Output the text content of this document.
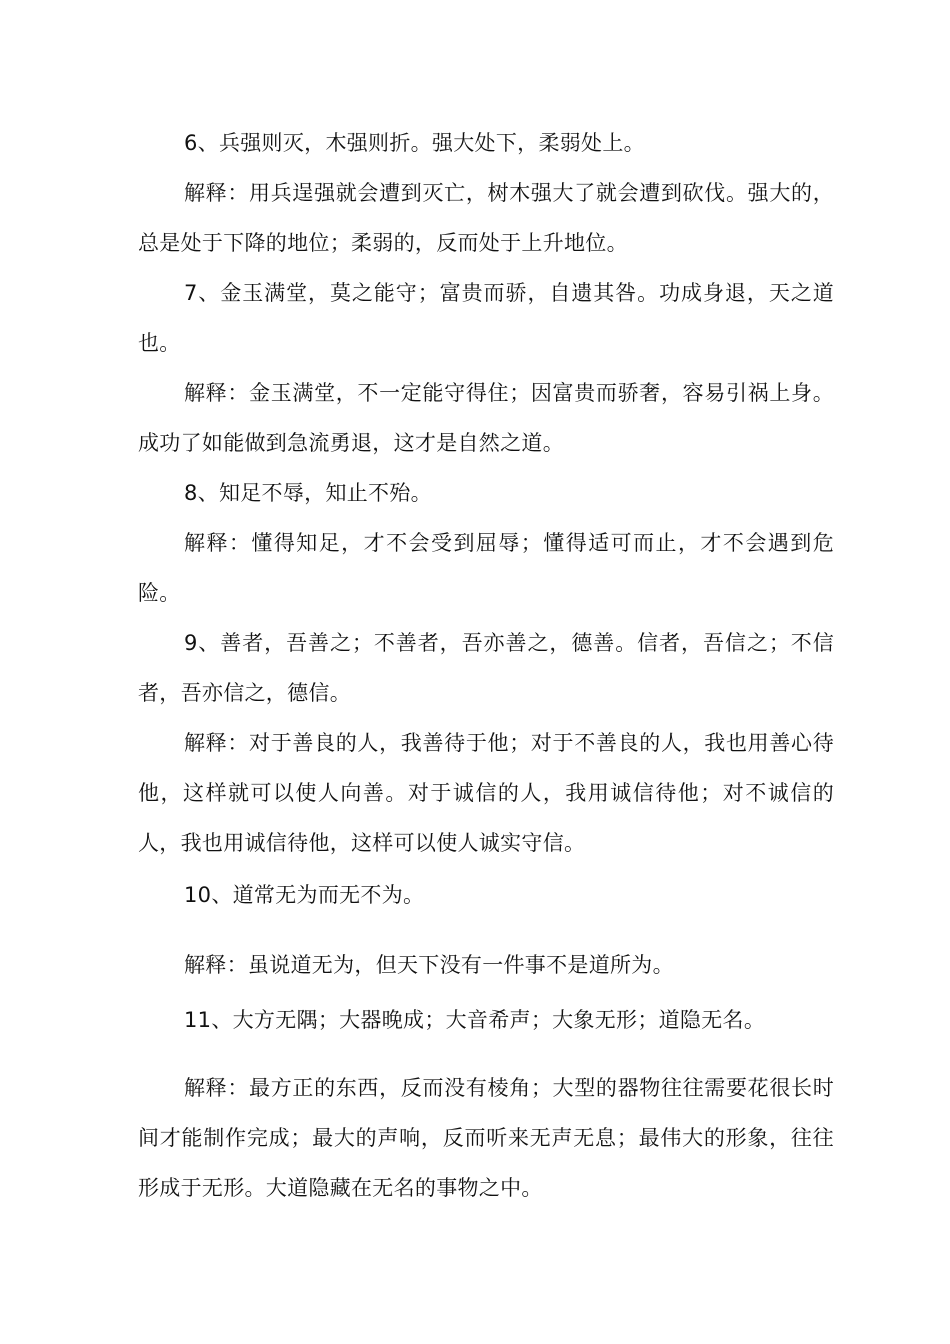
6、兵强则灭，木强则折。强大处下，柔弱处上。

解释：用兵逞强就会遭到灭亡，树木强大了就会遭到砍伐。强大的，总是处于下降的地位；柔弱的，反而处于上升地位。

7、金玉满堂，莫之能守；富贵而骄，自遗其咎。功成身退，天之道也。

解释：金玉满堂，不一定能守得住；因富贵而骄奢，容易引祸上身。成功了如能做到急流勇退，这才是自然之道。

8、知足不辱，知止不殆。

解释：懂得知足，才不会受到屈辱；懂得适可而止，才不会遇到危险。

9、善者，吾善之；不善者，吾亦善之，德善。信者，吾信之；不信者，吾亦信之，德信。

解释：对于善良的人，我善待于他；对于不善良的人，我也用善心待他，这样就可以使人向善。对于诚信的人，我用诚信待他；对不诚信的人，我也用诚信待他，这样可以使人诚实守信。

10、道常无为而无不为。

解释：虽说道无为，但天下没有一件事不是道所为。

11、大方无隅；大器晚成；大音希声；大象无形；道隐无名。

解释：最方正的东西，反而没有棱角；大型的器物往往需要花很长时间才能制作完成；最大的声响，反而听来无声无息；最伟大的形象，往往形成于无形。大道隐藏在无名的事物之中。
